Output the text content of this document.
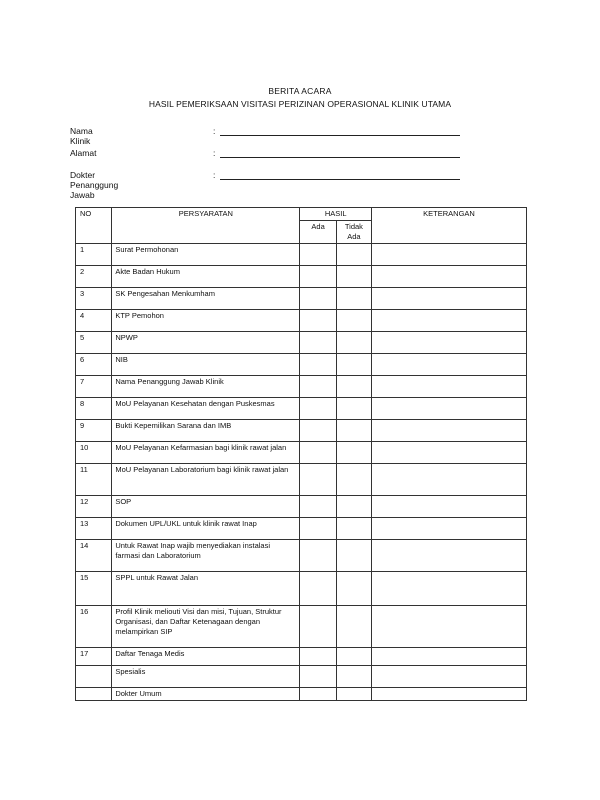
BERITA ACARA
HASIL PEMERIKSAAN VISITASI PERIZINAN OPERASIONAL KLINIK UTAMA
Nama Klinik
:
Alamat	:
Dokter Penanggung Jawab
:
NO	PERSYARATAN	HASIL		KETERANGAN
		Ada	Tidak Ada	
1	Surat Permohonan			
2	Akte Badan Hukum			
3	SK Pengesahan Menkumham			
4	KTP Pemohon			
5	NPWP			
6	NIB			
7	Nama Penanggung Jawab Klinik			
8	MoU Pelayanan Kesehatan dengan Puskesmas			
9	Bukti Kepemilikan Sarana dan IMB			
10	MoU Pelayanan Kefarmasian bagi klinik rawat jalan			
11	MoU Pelayanan Laboratorium bagi klinik rawat jalan			
12	SOP			
13	Dokumen UPL/UKL untuk klinik rawat Inap			
14	Untuk Rawat Inap wajib menyediakan instalasi farmasi dan Laboratorium			
15	SPPL untuk Rawat Jalan			
16	Profil Klinik meliouti Visi dan misi, Tujuan, Struktur Organisasi, dan Daftar Ketenagaan dengan melampirkan SIP			
17	Daftar Tenaga Medis			
	Spesialis			
	Dokter Umum			
